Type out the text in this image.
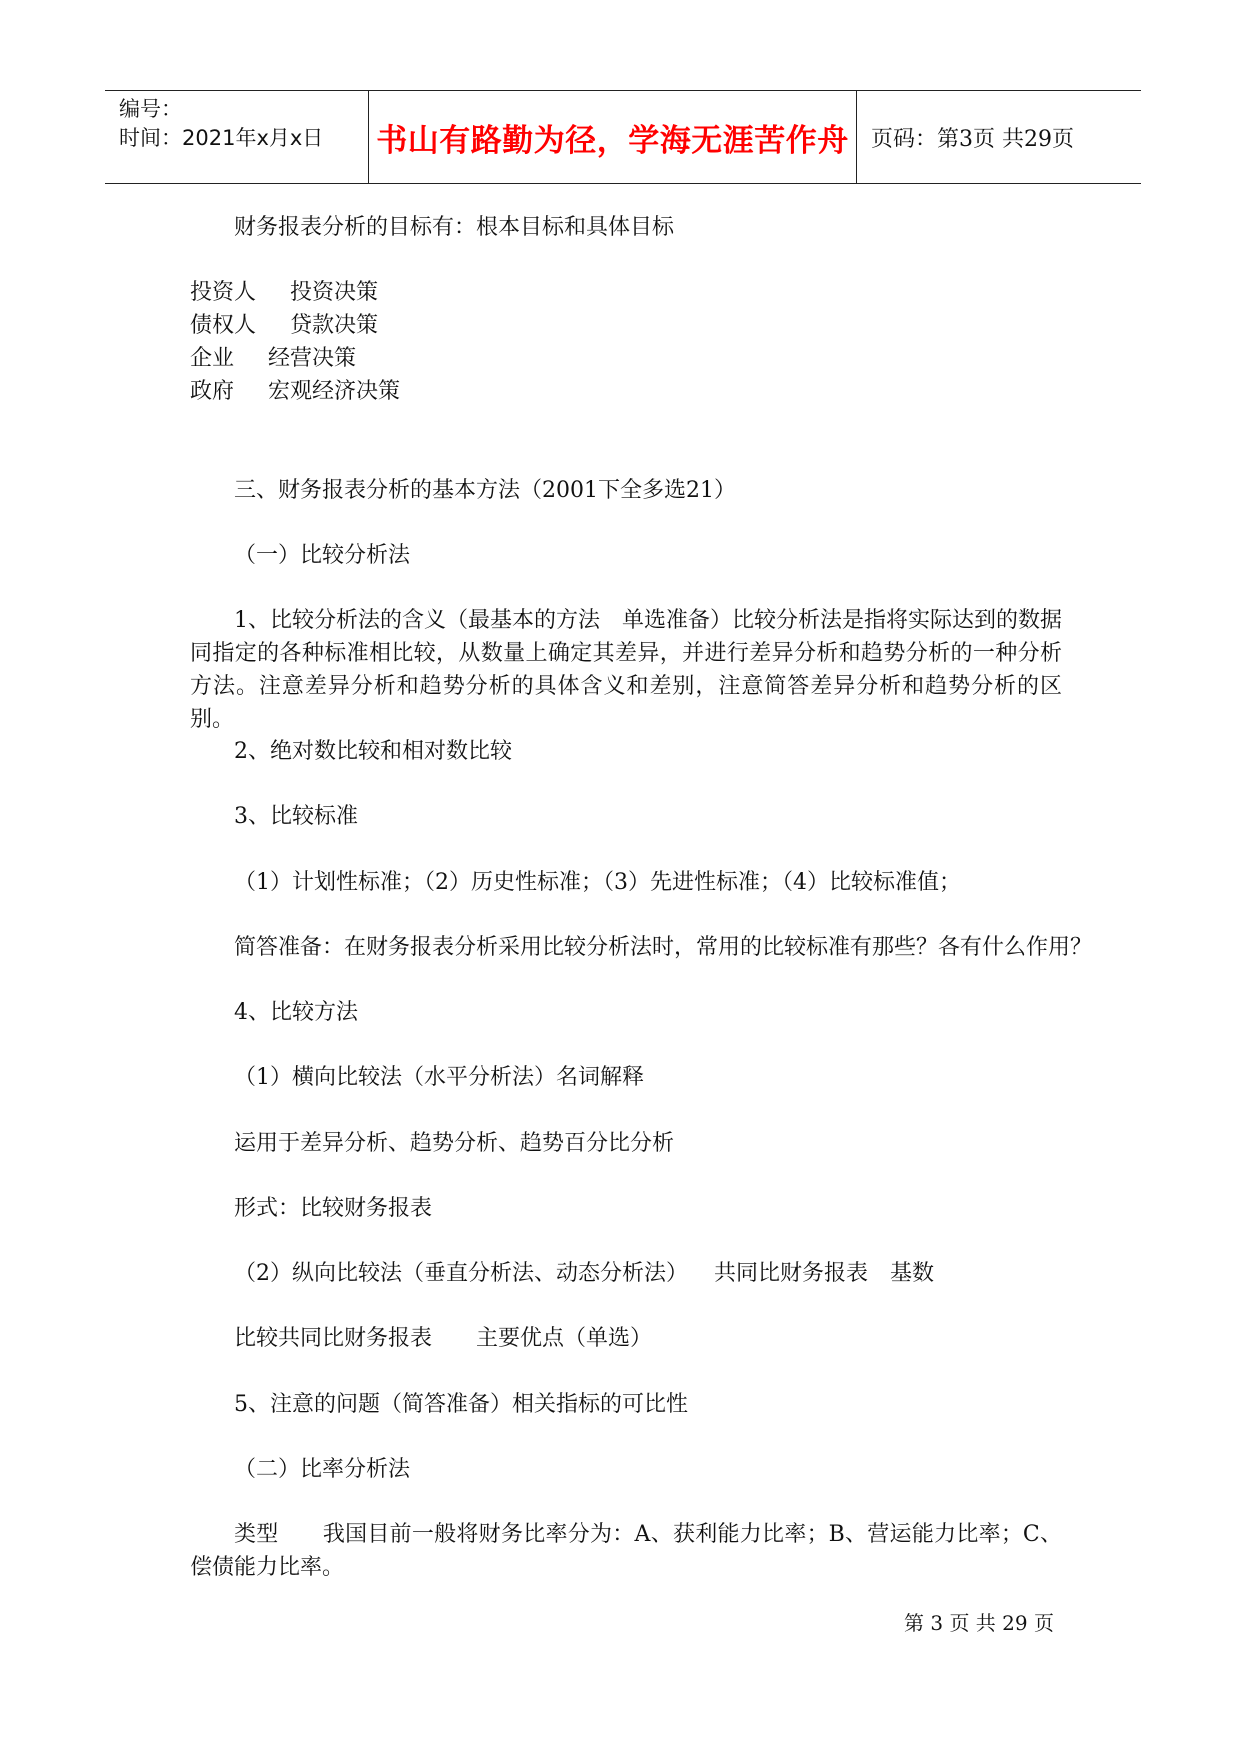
编号：
时间：2021年x月x日	书山有路勤为径，学海无涯苦作舟	页码：第3页 共29页
财务报表分析的目标有：根本目标和具体目标
投资人 投资决策
债权人 贷款决策
企业 经营决策
政府 宏观经济决策
三、财务报表分析的基本方法（2001下全多选21）
（一）比较分析法
1、比较分析法的含义（最基本的方法　单选准备）比较分析法是指将实际达到的数据同指定的各种标准相比较，从数量上确定其差异，并进行差异分析和趋势分析的一种分析方法。注意差异分析和趋势分析的具体含义和差别，注意简答差异分析和趋势分析的区别。
2、绝对数比较和相对数比较
3、比较标准
（1）计划性标准；（2）历史性标准；（3）先进性标准；（4）比较标准值；
简答准备：在财务报表分析采用比较分析法时，常用的比较标准有那些？各有什么作用？
4、比较方法
（1）横向比较法（水平分析法）名词解释
运用于差异分析、趋势分析、趋势百分比分析
形式：比较财务报表
（2）纵向比较法（垂直分析法、动态分析法） 共同比财务报表 基数
比较共同比财务报表 主要优点（单选）
5、注意的问题（简答准备）相关指标的可比性
（二）比率分析法
类型 我国目前一般将财务比率分为：A、获利能力比率；B、营运能力比率；C、偿债能力比率。
第 3 页 共 29 页
